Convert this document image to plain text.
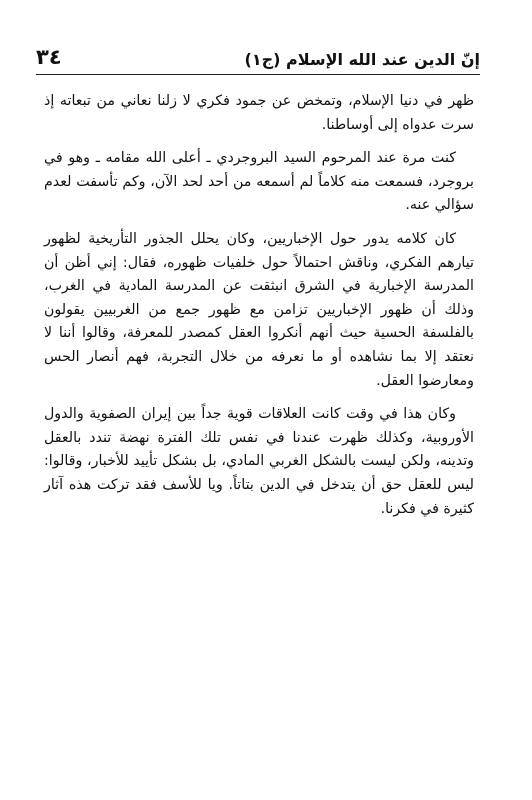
إنّ الدين عند الله الإسلام (ج١)
٣٤

ظهر في دنيا الإسلام، وتمخض عن جمود فكري لا زلنا نعاني من تبعاته إذ سرت عدواه إلى أوساطنا.

كنت مرة عند المرحوم السيد البروجردي ـ أعلى الله مقامه ـ وهو في بروجرد، فسمعت منه كلاماً لم أسمعه من أحد لحد الآن، وكم تأسفت لعدم سؤالي عنه.

كان كلامه يدور حول الإخباريين، وكان يحلل الجذور التأريخية لظهور تيارهم الفكري، وناقش احتمالاً حول خلفيات ظهوره، فقال: إني أظن أن المدرسة الإخبارية في الشرق انبثقت عن المدرسة المادية في الغرب، وذلك أن ظهور الإخباريين تزامن مع ظهور جمع من الغربيين يقولون بالفلسفة الحسية حيث أنهم أنكروا العقل كمصدر للمعرفة، وقالوا أننا لا نعتقد إلا بما نشاهده أو ما نعرفه من خلال التجربة، فهم أنصار الحس ومعارضوا العقل.

وكان هذا في وقت كانت العلاقات قوية جداً بين إيران الصفوية والدول الأوروبية، وكذلك ظهرت عندنا في نفس تلك الفترة نهضة تندد بالعقل وتدينه، ولكن ليست بالشكل الغربي المادي، بل بشكل تأييد للأخبار، وقالوا: ليس للعقل حق أن يتدخل في الدين بتاتاً. ويا للأسف فقد تركت هذه آثار كثيرة في فكرنا.
